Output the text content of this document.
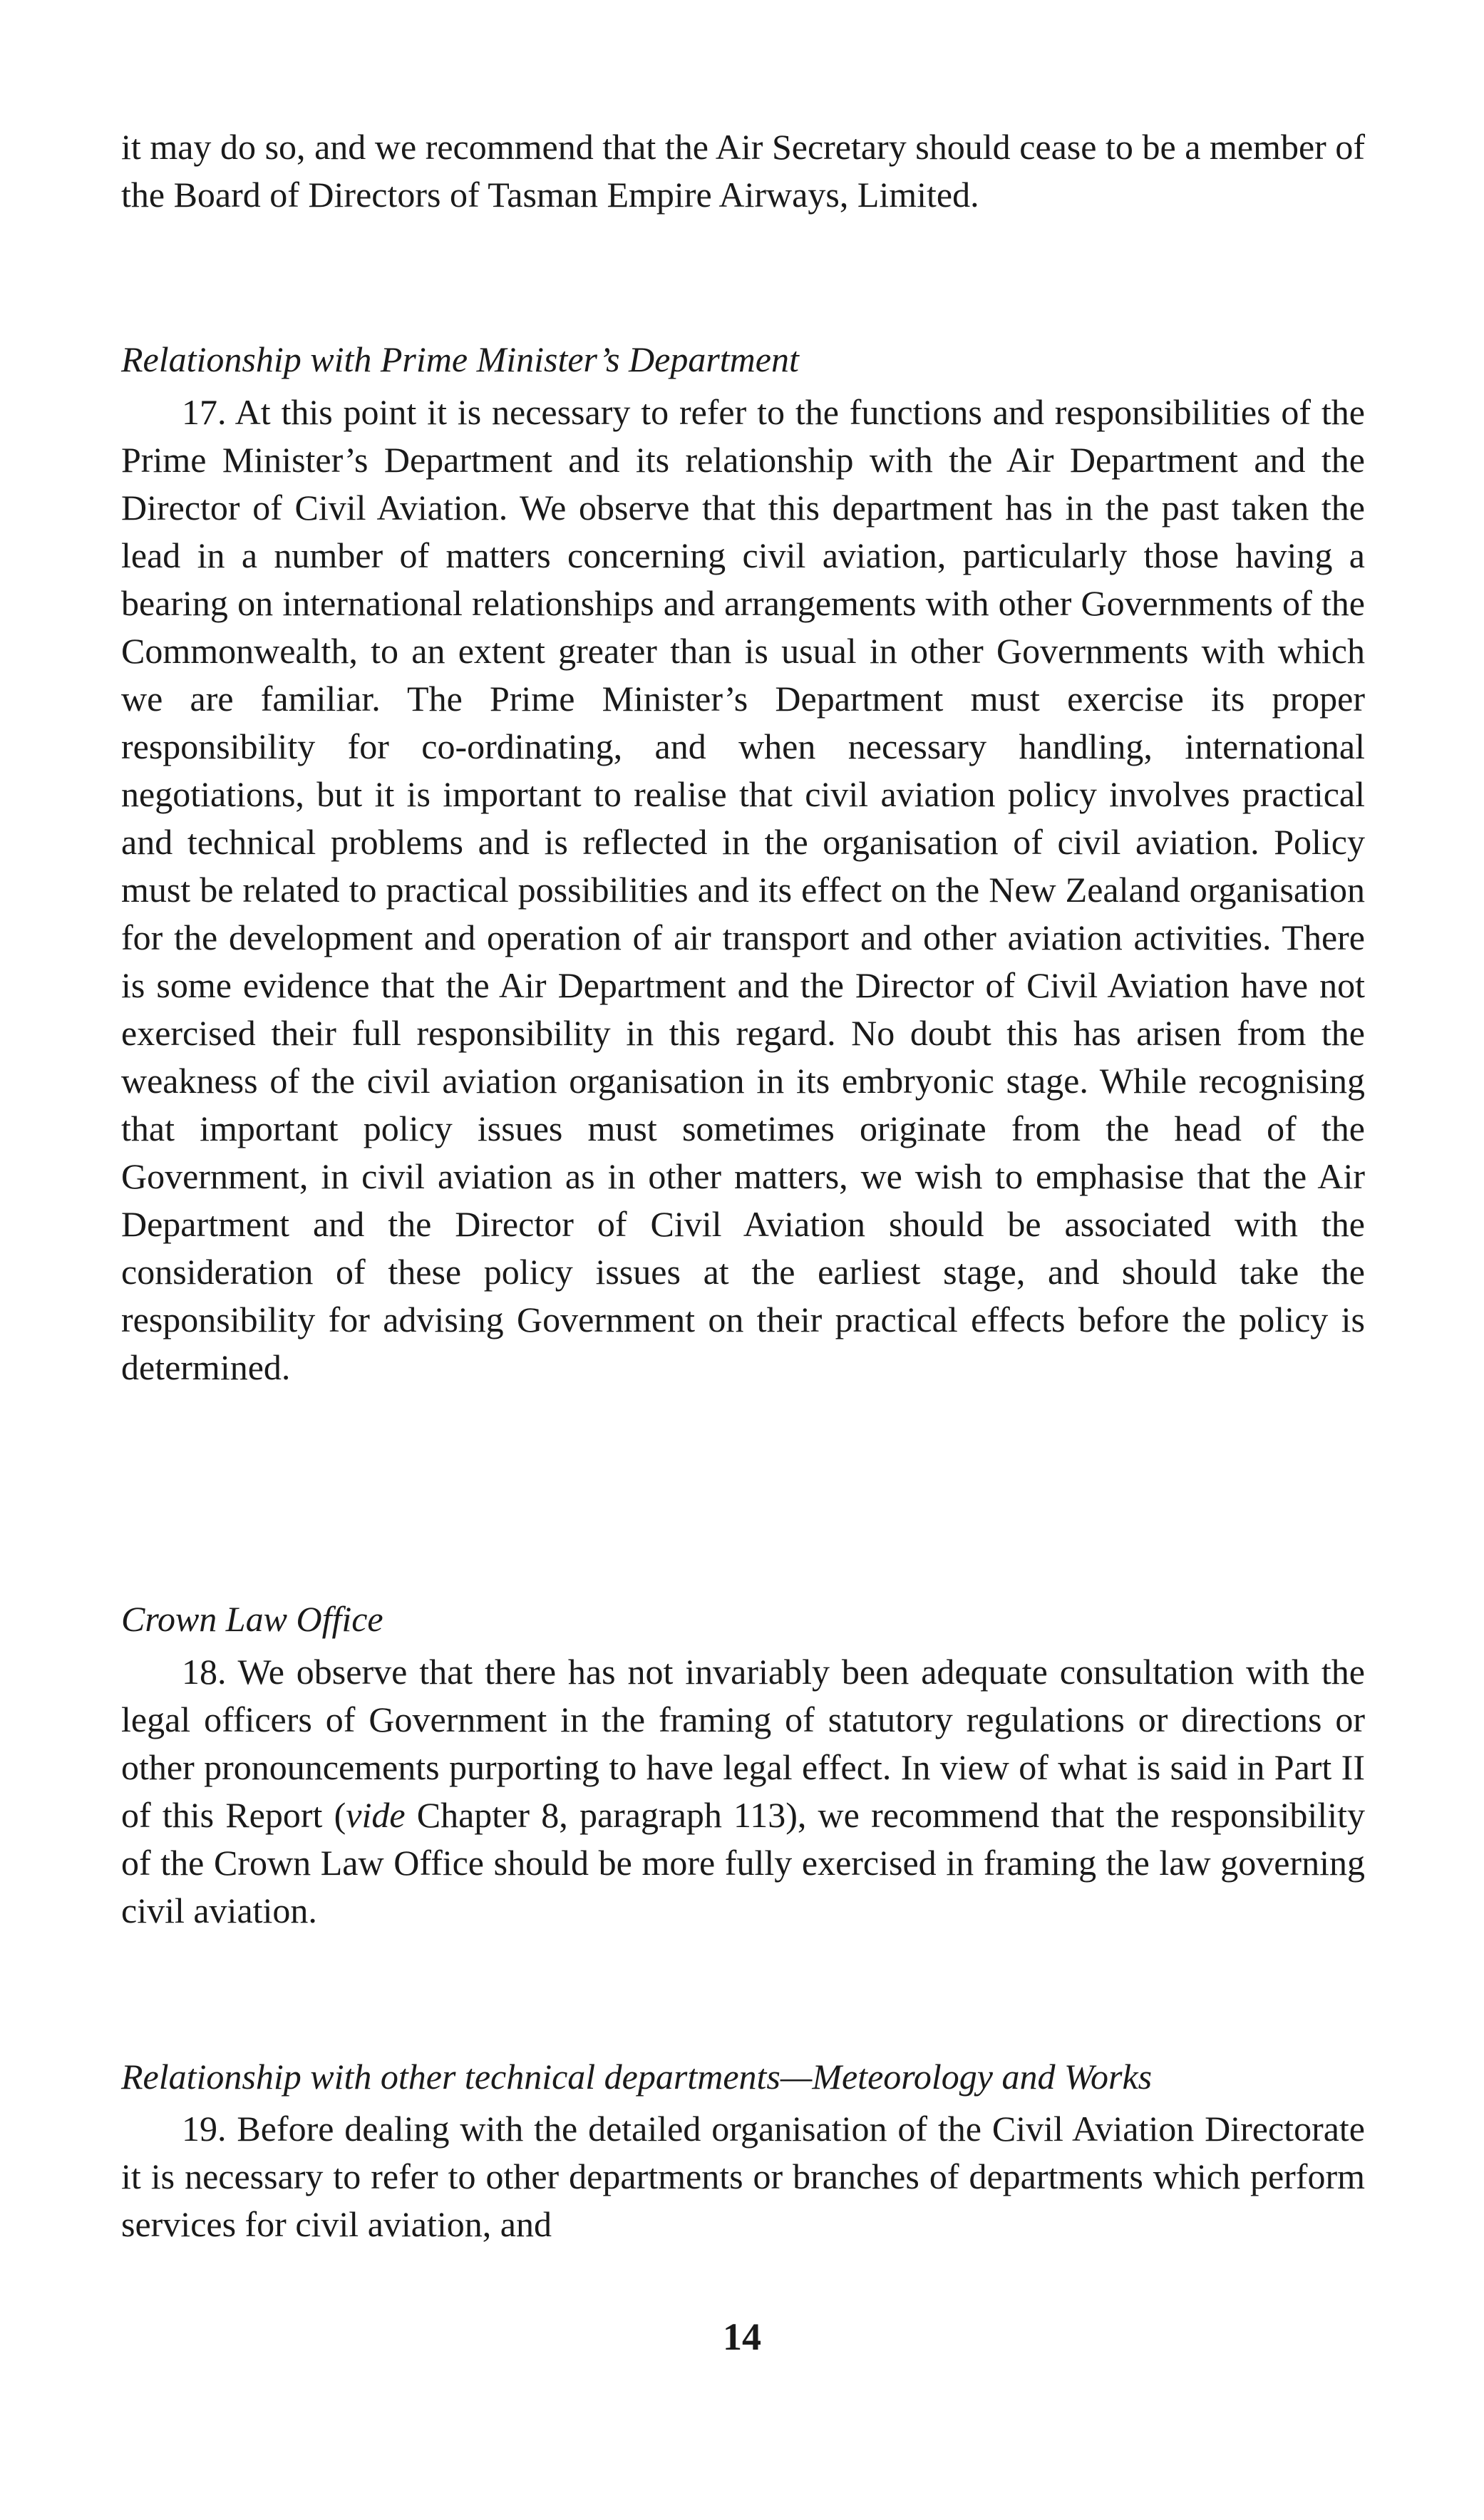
it may do so, and we recommend that the Air Secretary should cease to be a member of the Board of Directors of Tasman Empire Airways, Limited.

Relationship with Prime Minister’s Department

17. At this point it is necessary to refer to the functions and responsibilities of the Prime Minister’s Department and its relationship with the Air Department and the Director of Civil Aviation. We observe that this department has in the past taken the lead in a number of matters concerning civil aviation, particularly those having a bearing on international relationships and arrangements with other Governments of the Commonwealth, to an extent greater than is usual in other Governments with which we are familiar. The Prime Minister’s Department must exercise its proper responsibility for co-ordinating, and when necessary handling, international negotiations, but it is important to realise that civil aviation policy involves practical and technical problems and is reflected in the organisation of civil aviation. Policy must be related to practical possibilities and its effect on the New Zealand organisation for the development and operation of air transport and other aviation activities. There is some evidence that the Air Department and the Director of Civil Aviation have not exercised their full responsibility in this regard. No doubt this has arisen from the weakness of the civil aviation organisation in its embryonic stage. While recognising that important policy issues must sometimes originate from the head of the Government, in civil aviation as in other matters, we wish to emphasise that the Air Department and the Director of Civil Aviation should be associated with the consideration of these policy issues at the earliest stage, and should take the responsibility for advising Government on their practical effects before the policy is determined.

Crown Law Office

18. We observe that there has not invariably been adequate consultation with the legal officers of Government in the framing of statutory regulations or directions or other pronouncements purporting to have legal effect. In view of what is said in Part II of this Report (vide Chapter 8, paragraph 113), we recommend that the responsibility of the Crown Law Office should be more fully exercised in framing the law governing civil aviation.

Relationship with other technical departments—Meteorology and Works

19. Before dealing with the detailed organisation of the Civil Aviation Directorate it is necessary to refer to other departments or branches of departments which perform services for civil aviation, and

14
